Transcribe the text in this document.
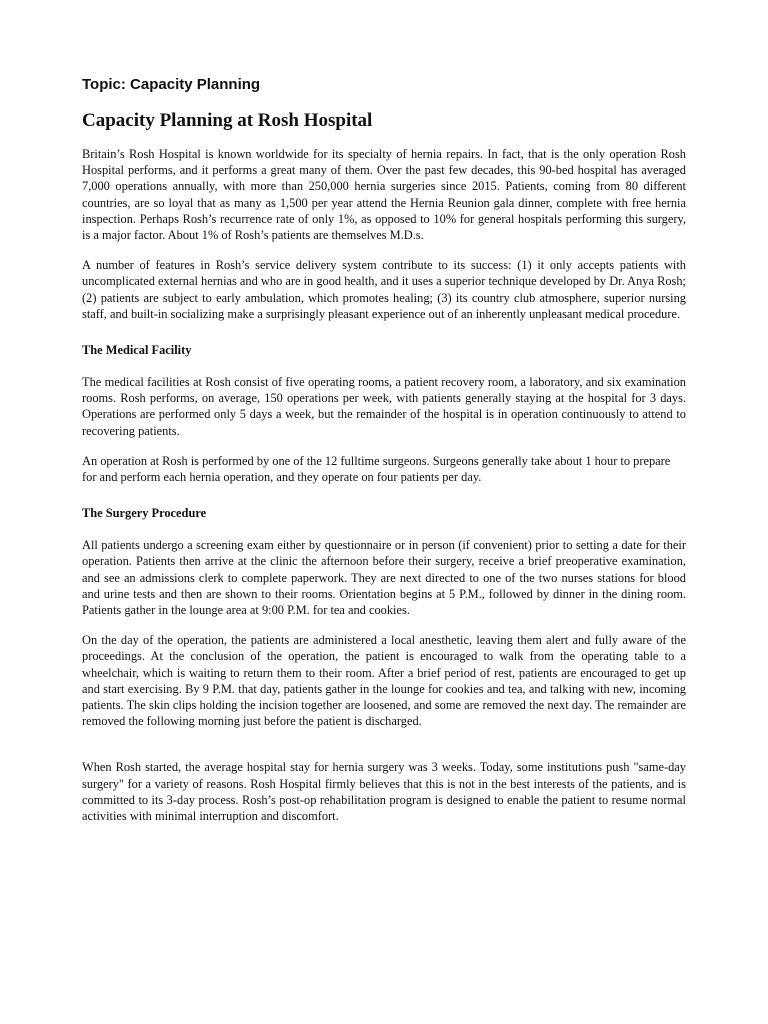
Topic: Capacity Planning
Capacity Planning at Rosh Hospital

Britain’s Rosh Hospital is known worldwide for its specialty of hernia repairs. In fact, that is the only operation Rosh Hospital performs, and it performs a great many of them. Over the past few decades, this 90-bed hospital has averaged 7,000 operations annually, with more than 250,000 hernia surgeries since 2015. Patients, coming from 80 different countries, are so loyal that as many as 1,500 per year attend the Hernia Reunion gala dinner, complete with free hernia inspection. Perhaps Rosh’s recurrence rate of only 1%, as opposed to 10% for general hospitals performing this surgery, is a major factor. About 1% of Rosh’s patients are themselves M.D.s.

A number of features in Rosh’s service delivery system contribute to its success: (1) it only accepts patients with uncomplicated external hernias and who are in good health, and it uses a superior technique developed by Dr. Anya Rosh; (2) patients are subject to early ambulation, which promotes healing; (3) its country club atmosphere, superior nursing staff, and built-in socializing make a surprisingly pleasant experience out of an inherently unpleasant medical procedure.

The Medical Facility

The medical facilities at Rosh consist of five operating rooms, a patient recovery room, a laboratory, and six examination rooms. Rosh performs, on average, 150 operations per week, with patients generally staying at the hospital for 3 days. Operations are performed only 5 days a week, but the remainder of the hospital is in operation continuously to attend to recovering patients.

An operation at Rosh is performed by one of the 12 fulltime surgeons. Surgeons generally take about 1 hour to prepare for and perform each hernia operation, and they operate on four patients per day.

The Surgery Procedure

All patients undergo a screening exam either by questionnaire or in person (if convenient) prior to setting a date for their operation. Patients then arrive at the clinic the afternoon before their surgery, receive a brief preoperative examination, and see an admissions clerk to complete paperwork. They are next directed to one of the two nurses stations for blood and urine tests and then are shown to their rooms. Orientation begins at 5 P.M., followed by dinner in the dining room. Patients gather in the lounge area at 9:00 P.M. for tea and cookies.

On the day of the operation, the patients are administered a local anesthetic, leaving them alert and fully aware of the proceedings. At the conclusion of the operation, the patient is encouraged to walk from the operating table to a wheelchair, which is waiting to return them to their room. After a brief period of rest, patients are encouraged to get up and start exercising. By 9 P.M. that day, patients gather in the lounge for cookies and tea, and talking with new, incoming patients. The skin clips holding the incision together are loosened, and some are removed the next day. The remainder are removed the following morning just before the patient is discharged.

When Rosh started, the average hospital stay for hernia surgery was 3 weeks. Today, some institutions push "same-day surgery" for a variety of reasons. Rosh Hospital firmly believes that this is not in the best interests of the patients, and is committed to its 3-day process. Rosh’s post-op rehabilitation program is designed to enable the patient to resume normal activities with minimal interruption and discomfort.
